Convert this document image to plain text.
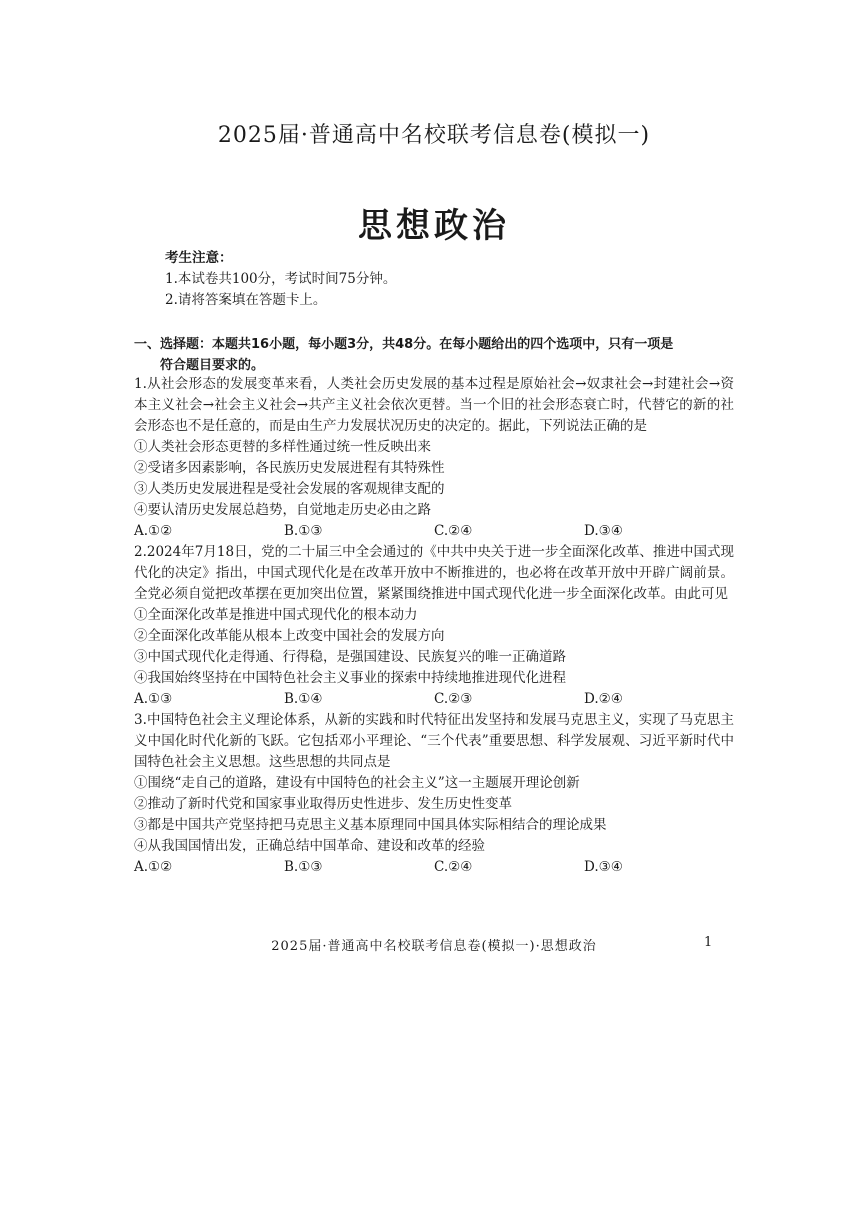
2025届·普通高中名校联考信息卷(模拟一)
思想政治
考生注意：
1.本试卷共100分，考试时间75分钟。
2.请将答案填在答题卡上。
一、选择题：本题共16小题，每小题3分，共48分。在每小题给出的四个选项中，只有一项是
符合题目要求的。
1.从社会形态的发展变革来看，人类社会历史发展的基本过程是原始社会→奴隶社会→封建社会→资本主义社会→社会主义社会→共产主义社会依次更替。当一个旧的社会形态衰亡时，代替它的新的社会形态也不是任意的，而是由生产力发展状况历史的决定的。据此，下列说法正确的是
①人类社会形态更替的多样性通过统一性反映出来
②受诸多因素影响，各民族历史发展进程有其特殊性
③人类历史发展进程是受社会发展的客观规律支配的
④要认清历史发展总趋势，自觉地走历史必由之路
A.①②	B.①③	C.②④	D.③④
2.2024年7月18日，党的二十届三中全会通过的《中共中央关于进一步全面深化改革、推进中国式现代化的决定》指出，中国式现代化是在改革开放中不断推进的，也必将在改革开放中开辟广阔前景。全党必须自觉把改革摆在更加突出位置，紧紧围绕推进中国式现代化进一步全面深化改革。由此可见
①全面深化改革是推进中国式现代化的根本动力
②全面深化改革能从根本上改变中国社会的发展方向
③中国式现代化走得通、行得稳，是强国建设、民族复兴的唯一正确道路
④我国始终坚持在中国特色社会主义事业的探索中持续地推进现代化进程
A.①③	B.①④	C.②③	D.②④
3.中国特色社会主义理论体系，从新的实践和时代特征出发坚持和发展马克思主义，实现了马克思主义中国化时代化新的飞跃。它包括邓小平理论、“三个代表”重要思想、科学发展观、习近平新时代中国特色社会主义思想。这些思想的共同点是
①围绕“走自己的道路，建设有中国特色的社会主义”这一主题展开理论创新
②推动了新时代党和国家事业取得历史性进步、发生历史性变革
③都是中国共产党坚持把马克思主义基本原理同中国具体实际相结合的理论成果
④从我国国情出发，正确总结中国革命、建设和改革的经验
A.①②	B.①③	C.②④	D.③④
2025届·普通高中名校联考信息卷(模拟一)·思想政治	1
